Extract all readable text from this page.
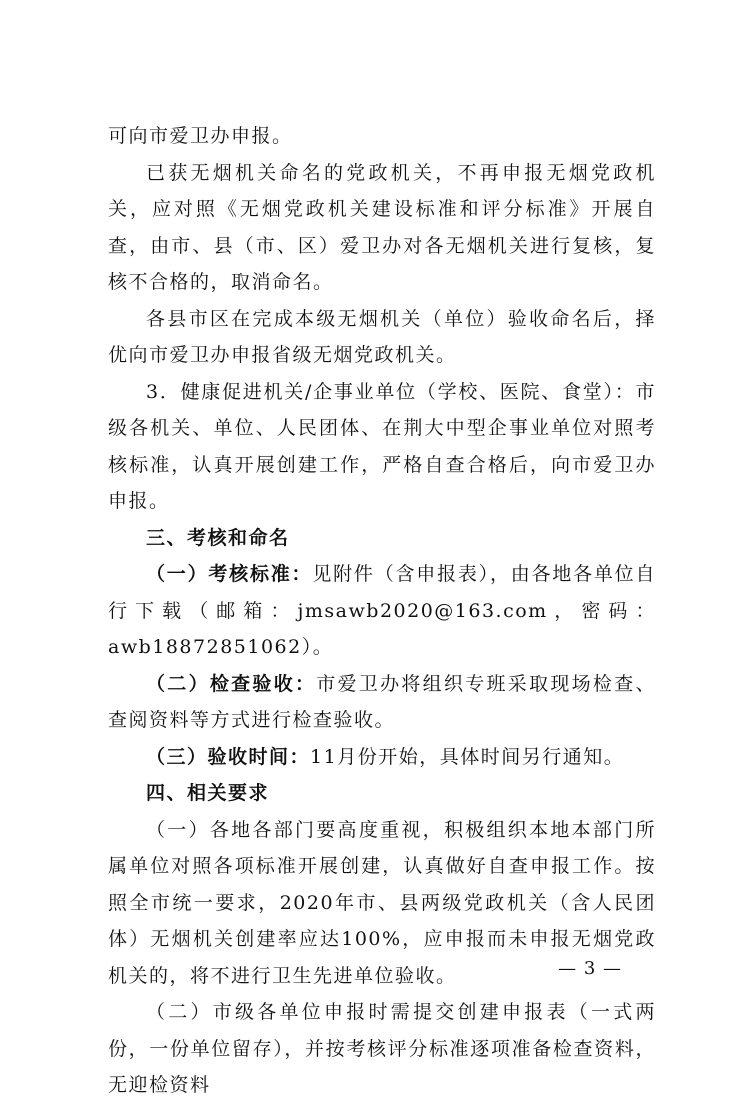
可向市爱卫办申报。

已获无烟机关命名的党政机关，不再申报无烟党政机关，应对照《无烟党政机关建设标准和评分标准》开展自查，由市、县（市、区）爱卫办对各无烟机关进行复核，复核不合格的，取消命名。

各县市区在完成本级无烟机关（单位）验收命名后，择优向市爱卫办申报省级无烟党政机关。

3．健康促进机关/企事业单位（学校、医院、食堂）：市级各机关、单位、人民团体、在荆大中型企事业单位对照考核标准，认真开展创建工作，严格自查合格后，向市爱卫办申报。

三、考核和命名

（一）考核标准：见附件（含申报表），由各地各单位自行下载（邮箱：jmsawb2020@163.com，密码：awb18872851062）。

（二）检查验收：市爱卫办将组织专班采取现场检查、查阅资料等方式进行检查验收。

（三）验收时间：11月份开始，具体时间另行通知。

四、相关要求

（一）各地各部门要高度重视，积极组织本地本部门所属单位对照各项标准开展创建，认真做好自查申报工作。按照全市统一要求，2020年市、县两级党政机关（含人民团体）无烟机关创建率应达100%，应申报而未申报无烟党政机关的，将不进行卫生先进单位验收。

（二）市级各单位申报时需提交创建申报表（一式两份，一份单位留存），并按考核评分标准逐项准备检查资料，无迎检资料

— 3 —
